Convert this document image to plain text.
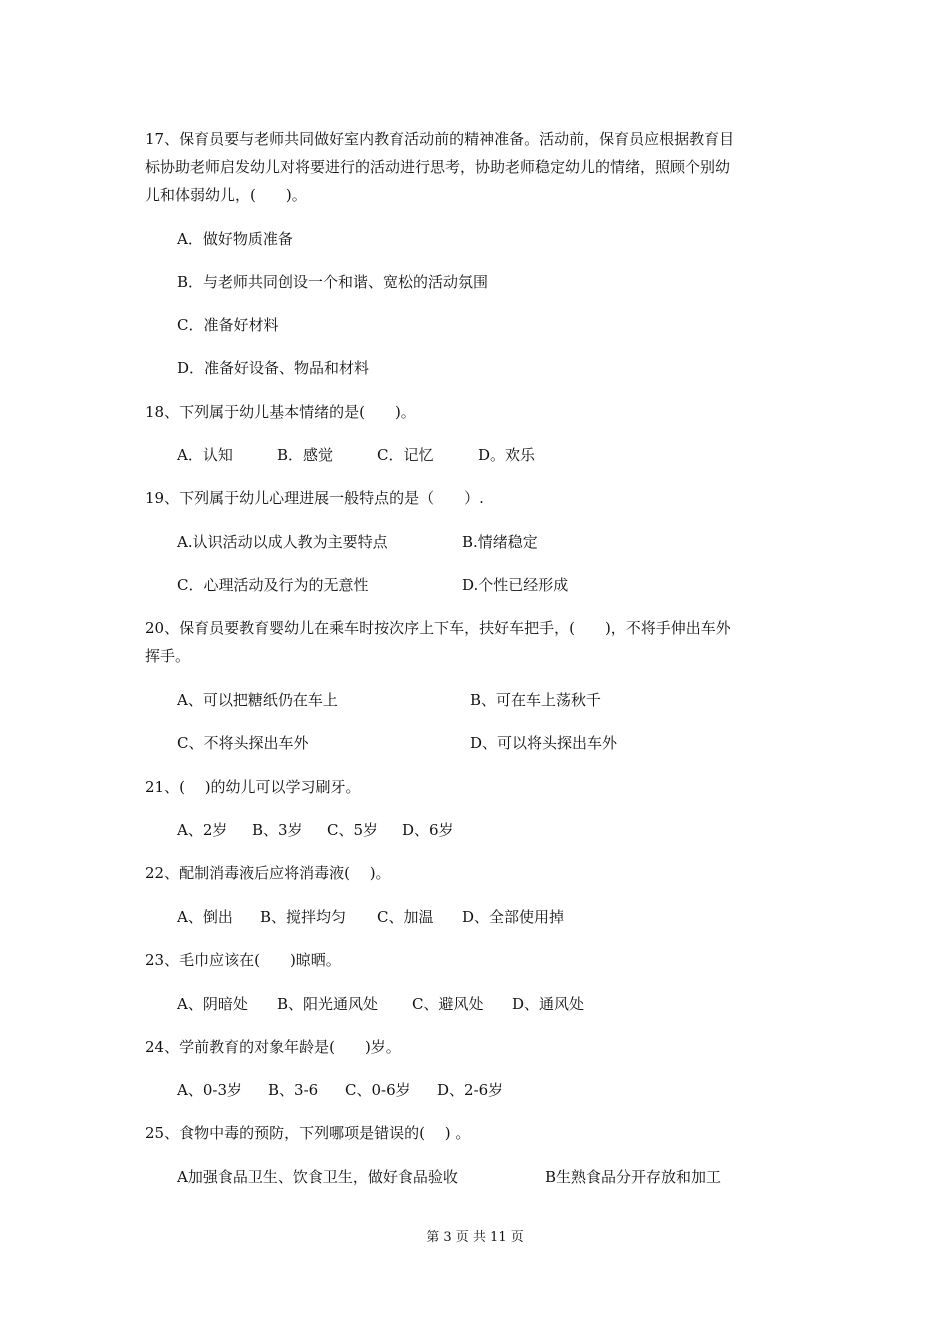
17、保育员要与老师共同做好室内教育活动前的精神准备。活动前，保育员应根据教育目
标协助老师启发幼儿对将要进行的活动进行思考，协助老师稳定幼儿的情绪，照顾个别幼
儿和体弱幼儿，(　　)。
A．做好物质准备
B．与老师共同创设一个和谐、宽松的活动氛围
C．准备好材料
D．准备好设备、物品和材料
18、下列属于幼儿基本情绪的是(　　)。
A．认知	B．感觉	C．记忆	D。欢乐
19、下列属于幼儿心理进展一般特点的是（　　）.
A.认识活动以成人教为主要特点	B.情绪稳定
C．心理活动及行为的无意性	D.个性已经形成
20、保育员要教育婴幼儿在乘车时按次序上下车，扶好车把手，(　　)，不将手伸出车外
挥手。
A、可以把糖纸仍在车上	B、可在车上荡秋千
C、不将头探出车外	D、可以将头探出车外
21、(　 )的幼儿可以学习刷牙。
A、2岁 B、3岁 C、5岁 D、6岁
22、配制消毒液后应将消毒液(　 )。
A、倒出 B、搅拌均匀 C、加温 D、全部使用掉
23、毛巾应该在(　　)晾晒。
A、阴暗处 B、阳光通风处 C、避风处 D、通风处
24、学前教育的对象年龄是(　　)岁。
A、0-3岁 B、3-6 C、0-6岁 D、2-6岁
25、食物中毒的预防，下列哪项是错误的(　 ) 。
A加强食品卫生、饮食卫生，做好食品验收	B生熟食品分开存放和加工
第 3 页 共 11 页
